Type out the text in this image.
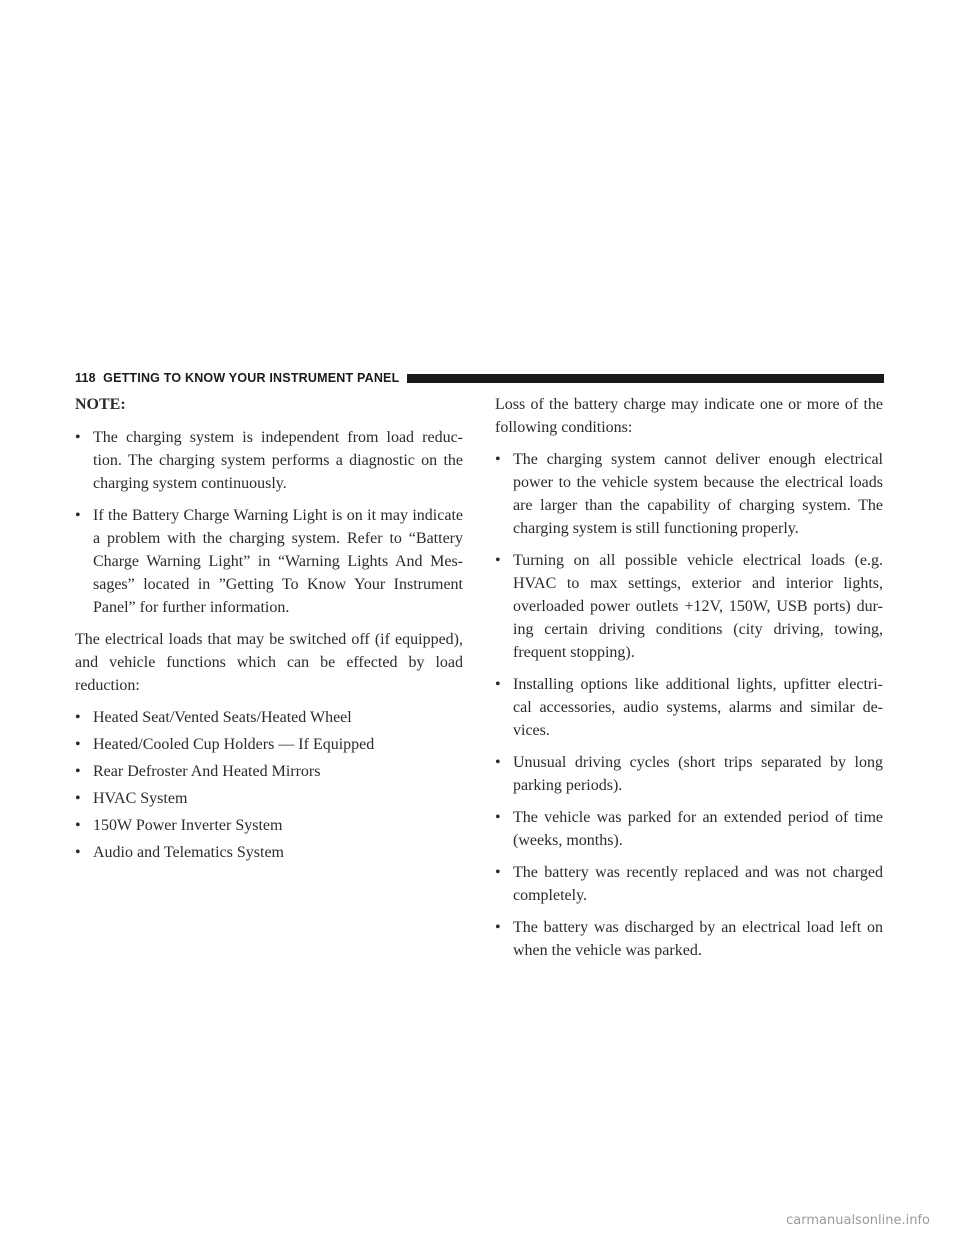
118 GETTING TO KNOW YOUR INSTRUMENT PANEL
NOTE:
• The charging system is independent from load reduc-tion. The charging system performs a diagnostic on the charging system continuously.
• If the Battery Charge Warning Light is on it may indicate a problem with the charging system. Refer to “Battery Charge Warning Light” in “Warning Lights And Mes-sages” located in ”Getting To Know Your Instrument Panel” for further information.

The electrical loads that may be switched off (if equipped), and vehicle functions which can be effected by load reduction:

• Heated Seat/Vented Seats/Heated Wheel
• Heated/Cooled Cup Holders — If Equipped
• Rear Defroster And Heated Mirrors
• HVAC System
• 150W Power Inverter System
• Audio and Telematics System

Loss of the battery charge may indicate one or more of the following conditions:

• The charging system cannot deliver enough electrical power to the vehicle system because the electrical loads are larger than the capability of charging system. The charging system is still functioning properly.
• Turning on all possible vehicle electrical loads (e.g. HVAC to max settings, exterior and interior lights, overloaded power outlets +12V, 150W, USB ports) dur-ing certain driving conditions (city driving, towing, frequent stopping).
• Installing options like additional lights, upfitter electri-cal accessories, audio systems, alarms and similar de-vices.
• Unusual driving cycles (short trips separated by long parking periods).
• The vehicle was parked for an extended period of time (weeks, months).
• The battery was recently replaced and was not charged completely.
• The battery was discharged by an electrical load left on when the vehicle was parked.
carmanualsonline.info
